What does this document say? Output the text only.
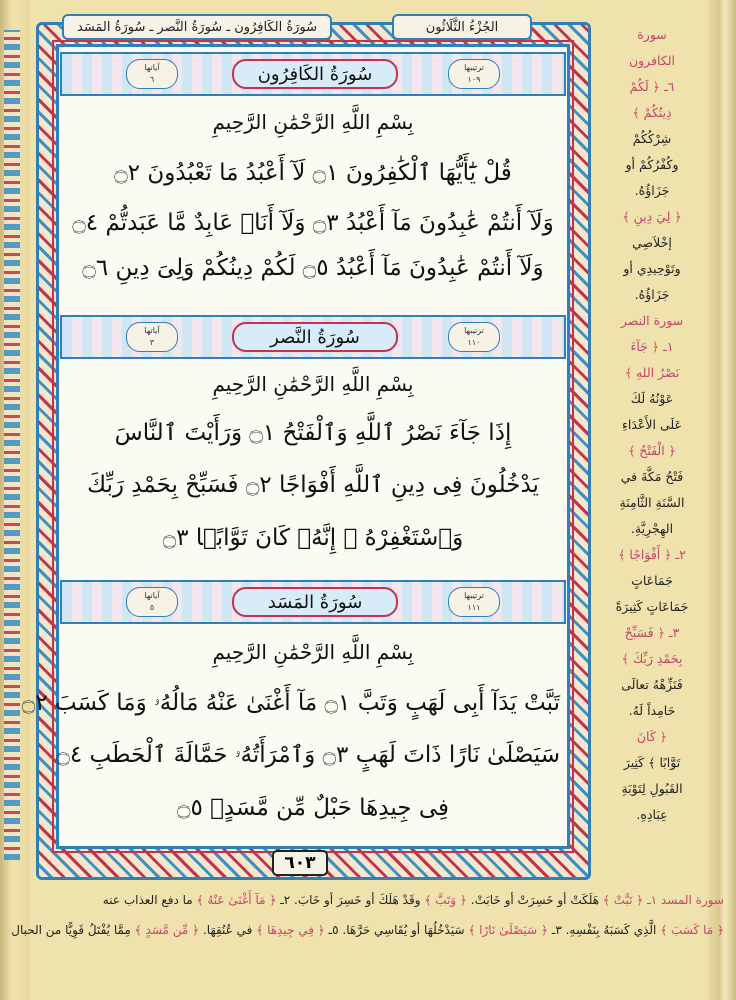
سُورَةُ الكَافِرُون ـ سُورَةُ النَّصر ـ سُورَةُ المَسَد	الجُزْءُ الثَّلَاثُون
آياتها
٦	سُورَةُ الكَافِرُون	ترتيبها
١٠٩
بِسْمِ اللَّهِ الرَّحْمَٰنِ الرَّحِيمِ
قُلْ يَٰٓأَيُّهَا ٱلْكَٰفِرُونَ ۝١ لَآ أَعْبُدُ مَا تَعْبُدُونَ ۝٢
وَلَآ أَنتُمْ عَٰبِدُونَ مَآ أَعْبُدُ ۝٣ وَلَآ أَنَا۠ عَابِدٌ مَّا عَبَدتُّمْ ۝٤
وَلَآ أَنتُمْ عَٰبِدُونَ مَآ أَعْبُدُ ۝٥ لَكُمْ دِينُكُمْ وَلِىَ دِينِ ۝٦
آياتها
٣	سُورَةُ النَّصر	ترتيبها
١١٠
بِسْمِ اللَّهِ الرَّحْمَٰنِ الرَّحِيمِ
إِذَا جَآءَ نَصْرُ ٱللَّهِ وَٱلْفَتْحُ ۝١ وَرَأَيْتَ ٱلنَّاسَ
يَدْخُلُونَ فِى دِينِ ٱللَّهِ أَفْوَاجًا ۝٢ فَسَبِّحْ بِحَمْدِ رَبِّكَ
وَٱسْتَغْفِرْهُ ۚ إِنَّهُۥ كَانَ تَوَّابًۢا ۝٣
آياتها
٥	سُورَةُ المَسَد	ترتيبها
١١١
بِسْمِ اللَّهِ الرَّحْمَٰنِ الرَّحِيمِ
تَبَّتْ يَدَآ أَبِى لَهَبٍ وَتَبَّ ۝١ مَآ أَغْنَىٰ عَنْهُ مَالُهُۥ وَمَا كَسَبَ ۝٢
سَيَصْلَىٰ نَارًا ذَاتَ لَهَبٍ ۝٣ وَٱمْرَأَتُهُۥ حَمَّالَةَ ٱلْحَطَبِ ۝٤
فِى جِيدِهَا حَبْلٌ مِّن مَّسَدٍۭ ۝٥
٦٠٣
سورة
الكافرون
٦ـ ﴿ لَكُمْ
دِينُكُمْ ﴾
شِرْكُكُمْ
وكُفْرُكُمْ أو
جَزَاؤُهُ.
﴿ لِيَ دِينِ ﴾
إخْلاَصِي
وتَوْحِيدِي أو
جَزَاؤُهُ.
سورة النصر
١ـ ﴿ جَآءَ
نَصْرُ اللهِ ﴾
عَوْنُهُ لَكَ
عَلَى الأَعْدَاءِ
﴿ الْفَتْحُ ﴾
فَتْحُ مَكَّةَ في
السَّنَةِ الثَّامِنَةِ
الهِجْرِيَّةِ.
٢ـ ﴿ أَفْوَاجًا ﴾
جَمَاعَاتٍ
جَمَاعَاتٍ كَثِيرَةً
٣ـ ﴿ فَسَبِّحْ
بِحَمْدِ رَبِّكَ ﴾
فَنَزِّهْهُ تعالَى
حَامِداً لَهُ.
﴿ كَانَ
تَوَّابًا ﴾ كَثِيرَ
القَبُولِ لِتَوْبَةِ
عِبَادِهِ.
سورة المسد ١ـ ﴿ تَبَّتْ ﴾ هَلَكَتْ أو خَسِرَتْ أو خَابَتْ. ﴿ وَتَبَّ ﴾ وقَدْ هَلَكَ أو خَسِرَ أو خَابَ. ٢ـ ﴿ مَآ أَغْنَىٰ عَنْهُ ﴾ ما دفع العذاب عنه
﴿ مَا كَسَبَ ﴾ الَّذِي كَسَبَهُ بِنَفْسِهِ. ٣ـ ﴿ سَيَصْلَىٰ نَارًا ﴾ سَيَدْخُلُهَا أو يُقَاسِي حَرَّهَا. ٥ـ ﴿ فِي جِيدِهَا ﴾ في عُنُقِهَا. ﴿ مِّن مَّسَدٍ ﴾ مِمَّا يُفْتَلُ قَوِيًّا من الحبال
